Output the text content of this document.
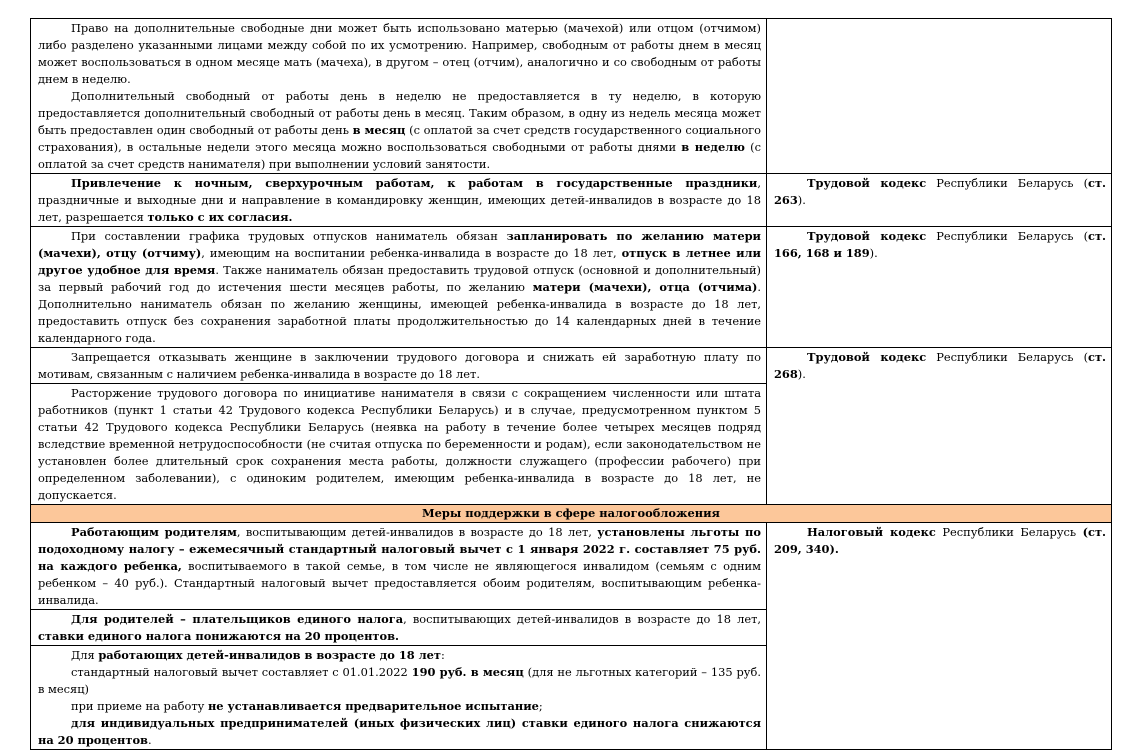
Право на дополнительные свободные дни может быть использовано матерью (мачехой) или отцом (отчимом) либо разделено указанными лицами между собой по их усмотрению. Например, свободным от работы днем в месяц может воспользоваться в одном месяце мать (мачеха), в другом – отец (отчим), аналогично и со свободным от работы днем в неделю.

Дополнительный свободный от работы день в неделю не предоставляется в ту неделю, в которую предоставляется дополнительный свободный от работы день в месяц. Таким образом, в одну из недель месяца может быть предоставлен один свободный от работы день в месяц (с оплатой за счет средств государственного социального страхования), в остальные недели этого месяца можно воспользоваться свободными от работы днями в неделю (с оплатой за счет средств нанимателя) при выполнении условий занятости.	

Привлечение к ночным, сверхурочным работам, к работам в государственные праздники, праздничные и выходные дни и направление в командировку женщин, имеющих детей-инвалидов в возрасте до 18 лет, разрешается только с их согласия.	Трудовой кодекс Республики Беларусь (ст. 263).

При составлении графика трудовых отпусков наниматель обязан запланировать по желанию матери (мачехи), отцу (отчиму), имеющим на воспитании ребенка-инвалида в возрасте до 18 лет, отпуск в летнее или другое удобное для время. Также наниматель обязан предоставить трудовой отпуск (основной и дополнительный) за первый рабочий год до истечения шести месяцев работы, по желанию матери (мачехи), отца (отчима). Дополнительно наниматель обязан по желанию женщины, имеющей ребенка-инвалида в возрасте до 18 лет, предоставить отпуск без сохранения заработной платы продолжительностью до 14 календарных дней в течение календарного года.	Трудовой кодекс Республики Беларусь (ст. 166, 168 и 189).

Запрещается отказывать женщине в заключении трудового договора и снижать ей заработную плату по мотивам, связанным с наличием ребенка-инвалида в возрасте до 18 лет.	Трудовой кодекс Республики Беларусь (ст. 268).

Расторжение трудового договора по инициативе нанимателя в связи с сокращением численности или штата работников (пункт 1 статьи 42 Трудового кодекса Республики Беларусь) и в случае, предусмотренном пунктом 5 статьи 42 Трудового кодекса Республики Беларусь (неявка на работу в течение более четырех месяцев подряд вследствие временной нетрудоспособности (не считая отпуска по беременности и родам), если законодательством не установлен более длительный срок сохранения места работы, должности служащего (профессии рабочего) при определенном заболевании), с одиноким родителем, имеющим ребенка-инвалида в возрасте до 18 лет, не допускается.	

Меры поддержки в сфере налогообложения	

Работающим родителям, воспитывающим детей-инвалидов в возрасте до 18 лет, установлены льготы по подоходному налогу – ежемесячный стандартный налоговый вычет с 1 января 2022 г. составляет 75 руб. на каждого ребенка, воспитываемого в такой семье, в том числе не являющегося инвалидом (семьям с одним ребенком – 40 руб.). Стандартный налоговый вычет предоставляется обоим родителям, воспитывающим ребенка-инвалида.	Налоговый кодекс Республики Беларусь (ст. 209, 340).

Для родителей – плательщиков единого налога, воспитывающих детей-инвалидов в возрасте до 18 лет, ставки единого налога понижаются на 20 процентов.	

Для работающих детей-инвалидов в возрасте до 18 лет:

стандартный налоговый вычет составляет с 01.01.2022 190 руб. в месяц (для не льготных категорий – 135 руб. в месяц)

при приеме на работу не устанавливается предварительное испытание;

для индивидуальных предпринимателей (иных физических лиц) ставки единого налога снижаются на 20 процентов.	
